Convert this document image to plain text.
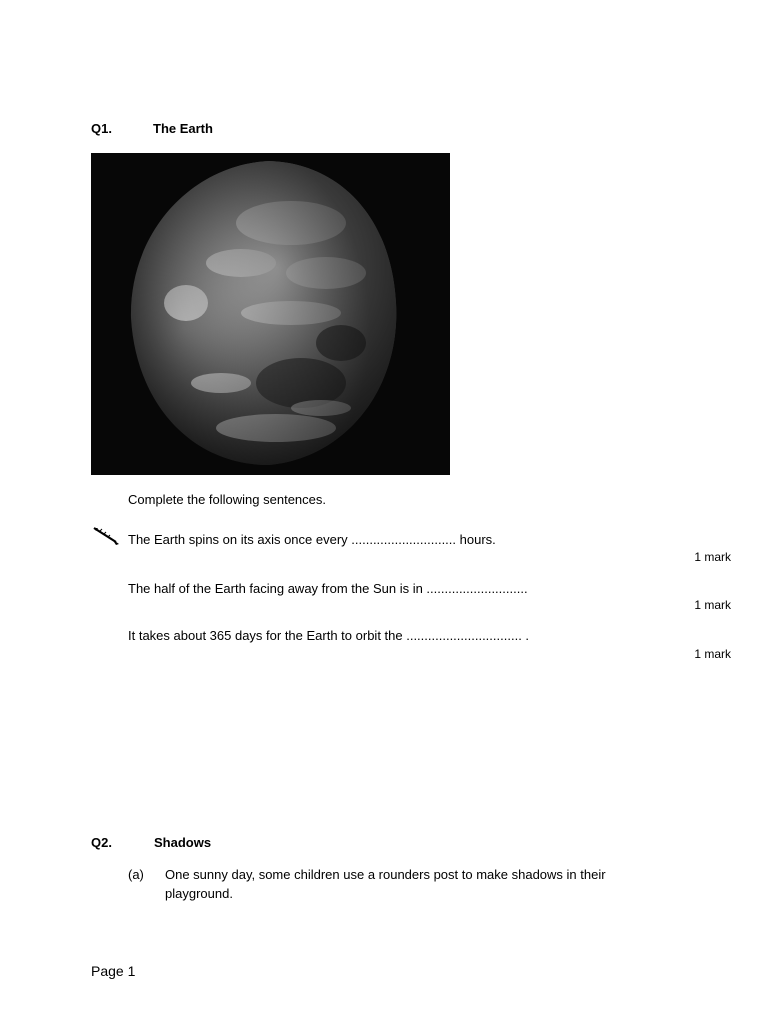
Q1.	The Earth
Complete the following sentences.
The Earth spins on its axis once every ............................. hours.
1 mark
The half of the Earth facing away from the Sun is in ............................
1 mark
It takes about 365 days for the Earth to orbit the ................................ .
1 mark
Q2.	Shadows
(a) One sunny day, some children use a rounders post to make shadows in their
playground.
Page 1
